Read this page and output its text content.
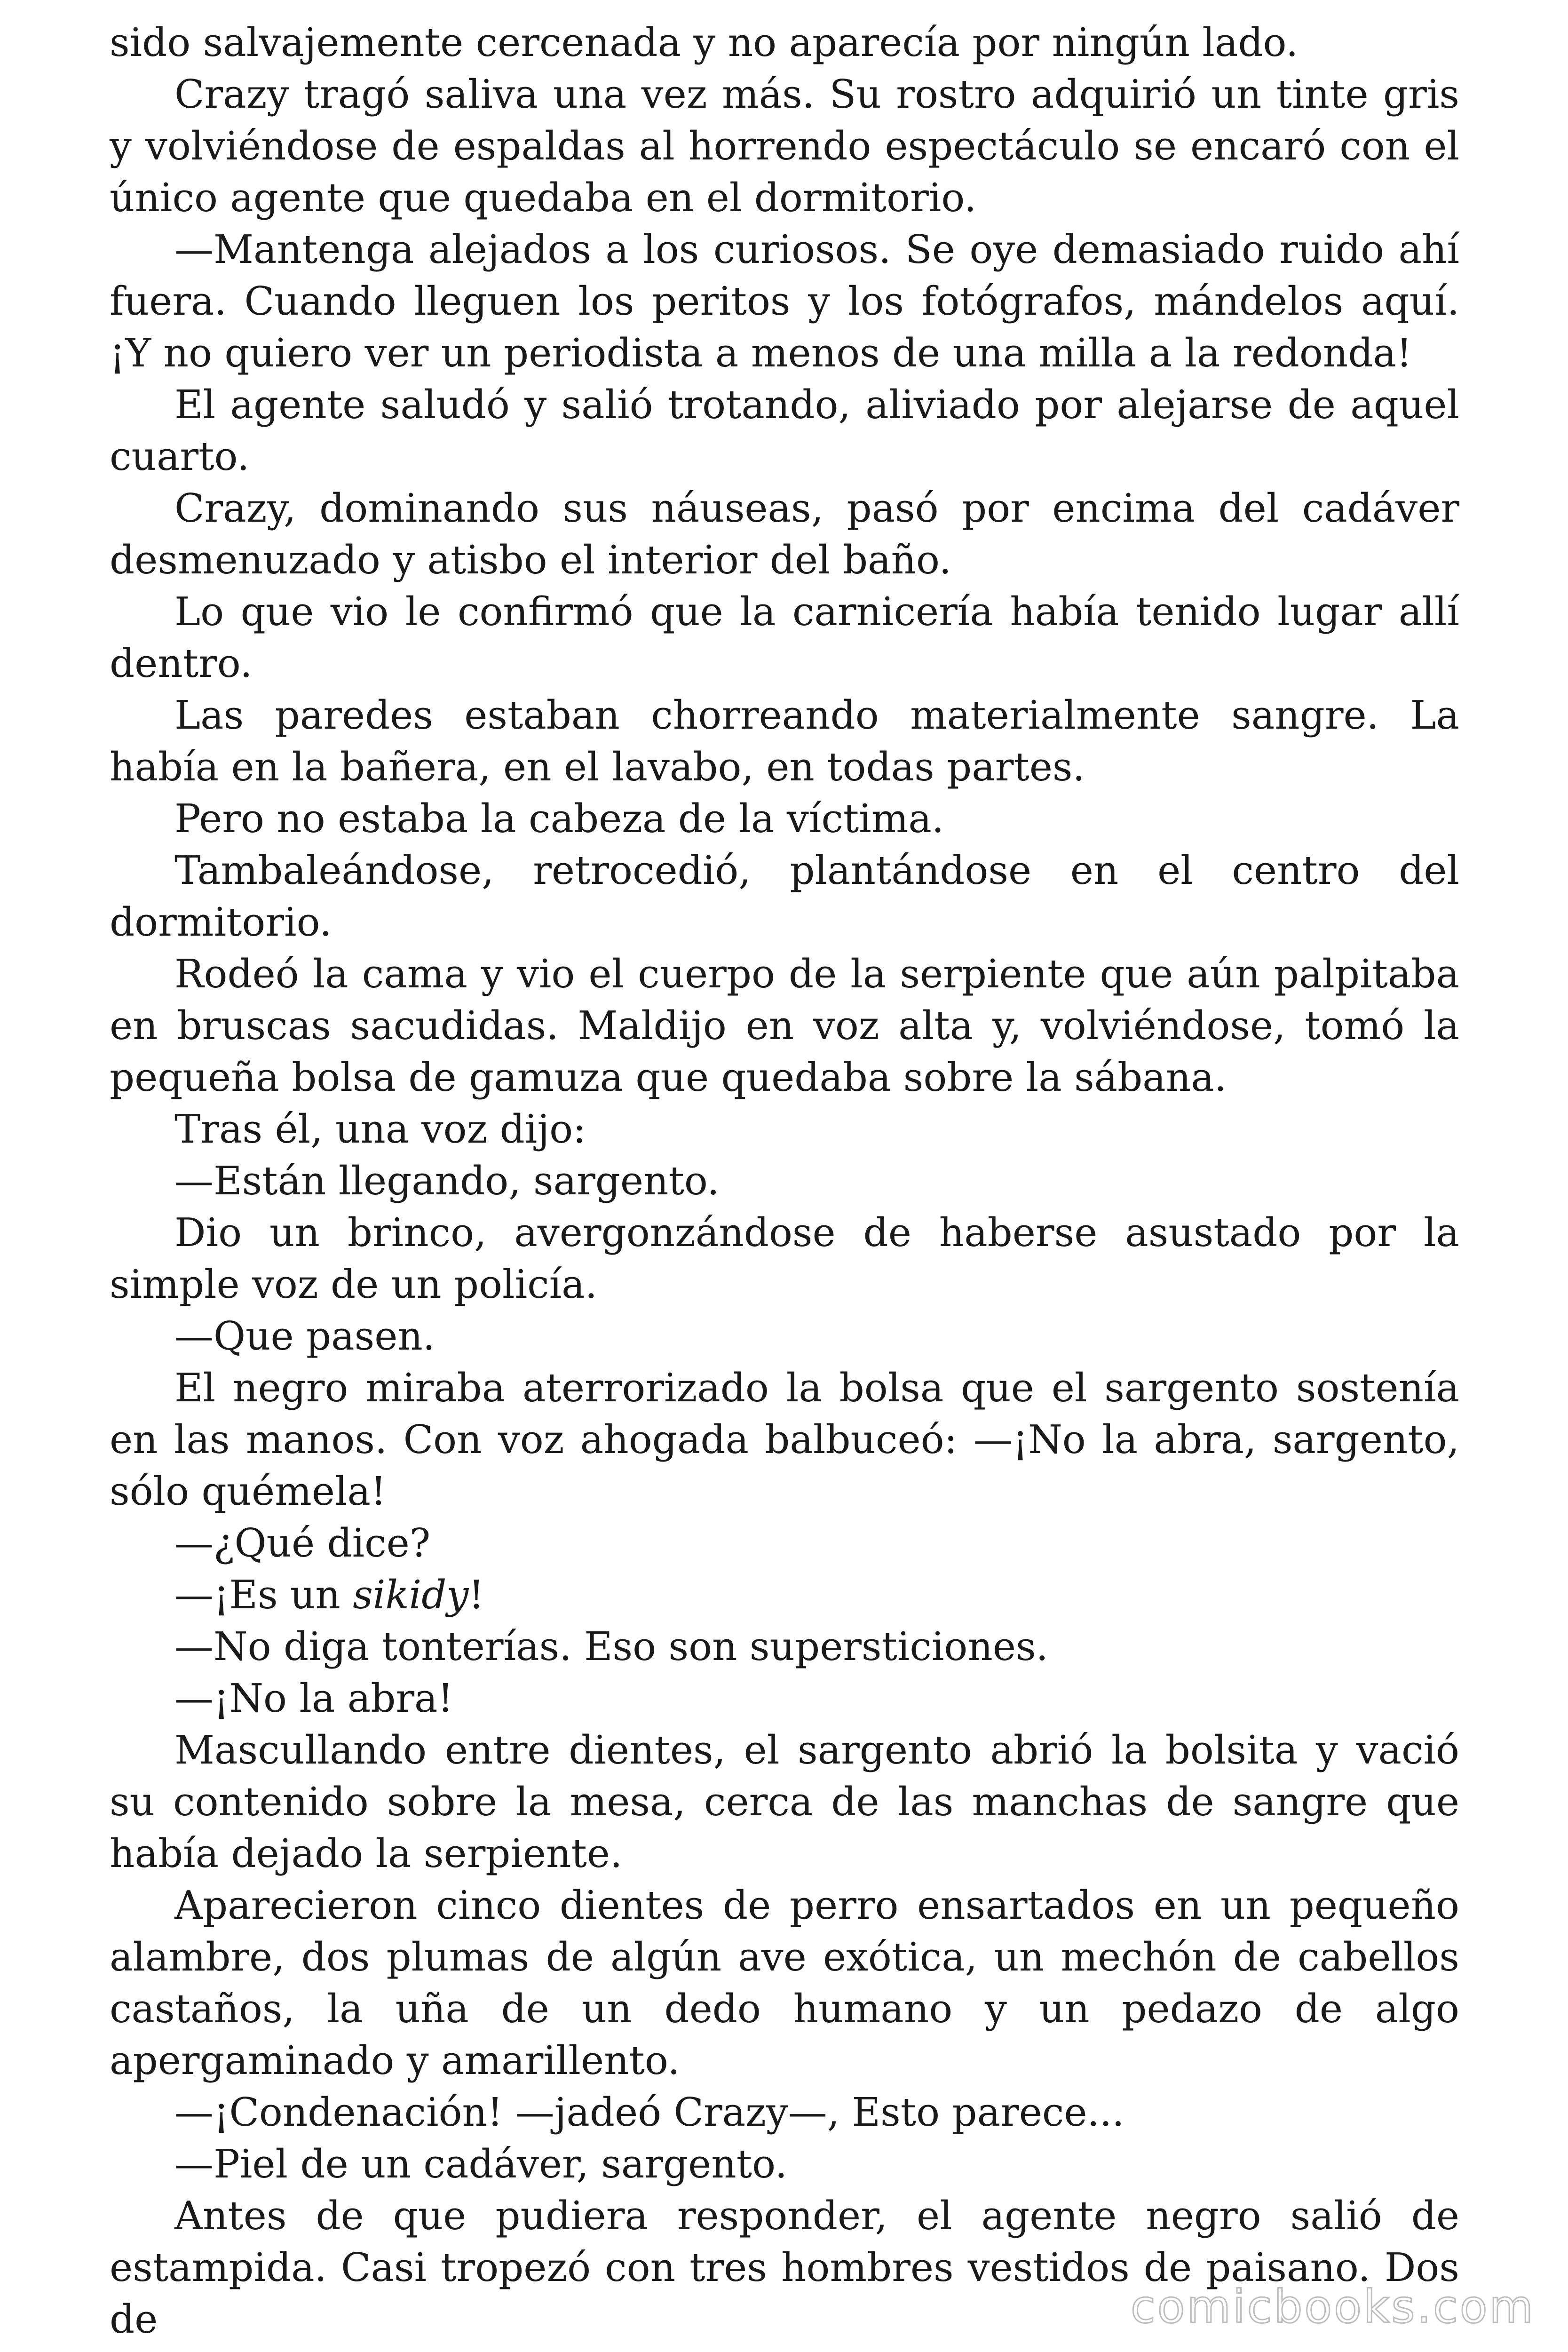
sido salvajemente cercenada y no aparecía por ningún lado.

Crazy tragó saliva una vez más. Su rostro adquirió un tinte gris y volviéndose de espaldas al horrendo espectáculo se encaró con el único agente que quedaba en el dormitorio.

—Mantenga alejados a los curiosos. Se oye demasiado ruido ahí fuera. Cuando lleguen los peritos y los fotógrafos, mándelos aquí. ¡Y no quiero ver un periodista a menos de una milla a la redonda!

El agente saludó y salió trotando, aliviado por alejarse de aquel cuarto.

Crazy, dominando sus náuseas, pasó por encima del cadáver desmenuzado y atisbo el interior del baño.

Lo que vio le confirmó que la carnicería había tenido lugar allí dentro.

Las paredes estaban chorreando materialmente sangre. La había en la bañera, en el lavabo, en todas partes.

Pero no estaba la cabeza de la víctima.

Tambaleándose, retrocedió, plantándose en el centro del dormitorio.

Rodeó la cama y vio el cuerpo de la serpiente que aún palpitaba en bruscas sacudidas. Maldijo en voz alta y, volviéndose, tomó la pequeña bolsa de gamuza que quedaba sobre la sábana.

Tras él, una voz dijo:

—Están llegando, sargento.

Dio un brinco, avergonzándose de haberse asustado por la simple voz de un policía.

—Que pasen.

El negro miraba aterrorizado la bolsa que el sargento sostenía en las manos. Con voz ahogada balbuceó: —¡No la abra, sargento, sólo quémela!

—¿Qué dice?

—¡Es un sikidy!

—No diga tonterías. Eso son supersticiones.

—¡No la abra!

Mascullando entre dientes, el sargento abrió la bolsita y vació su contenido sobre la mesa, cerca de las manchas de sangre que había dejado la serpiente.

Aparecieron cinco dientes de perro ensartados en un pequeño alambre, dos plumas de algún ave exótica, un mechón de cabellos castaños, la uña de un dedo humano y un pedazo de algo apergaminado y amarillento.

—¡Condenación! —jadeó Crazy—, Esto parece...

—Piel de un cadáver, sargento.

Antes de que pudiera responder, el agente negro salió de estampida. Casi tropezó con tres hombres vestidos de paisano. Dos de	comicbooks.com
